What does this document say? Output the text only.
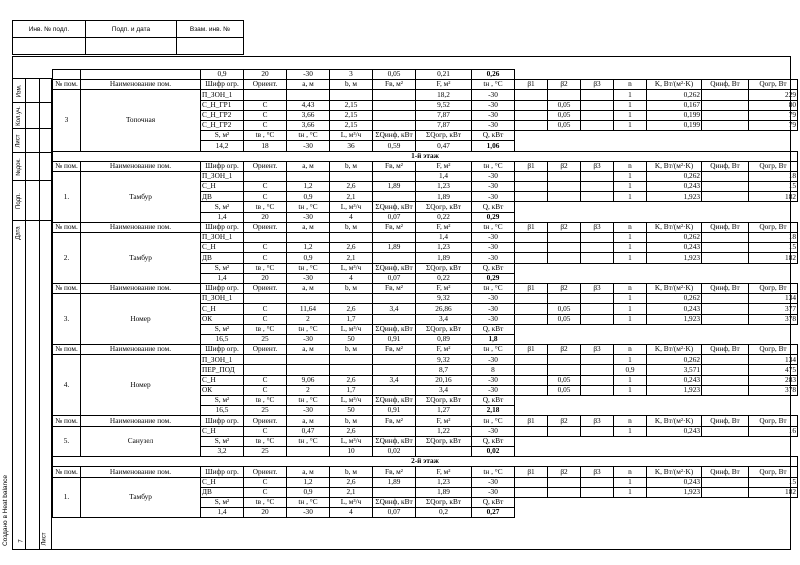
Инв. № подл.	Подп. и дата	Взам. инв. №

Изм.
Кол.уч.
Лист
№док.
Подп.
Дата
Создано в Heat balance	Лист
7
		0,9	20	-30	3	0,05	0,21	0,26							
№ пом.	Наименование пом.	Шифр огр.	Ориент.	a, м	b, м	Fв, м²	F, м²	tн , °C	β1	β2	β3	n	K, Вт/(м²·K)	Qинф, Вт	Qогр, Вт
3	Топочная	П_ЗОН_1					18,2	-30				1	0,262		229
		С_Н_ГР1	С	4,43	2,15		9,52	-30		0,05		1	0,167		80
		С_Н_ГР2	С	3,66	2,15		7,87	-30		0,05		1	0,199		79
		С_Н_ГР2	С	3,66	2,15		7,87	-30		0,05		1	0,199		79
		S, м²	tв , °C	tн , °C	L, м³/ч	ΣQинф, кВт	ΣQогр, кВт	Q, кВт							
		14,2	18	-30	36	0,59	0,47	1,06							
1-й этаж															
№ пом.	Наименование пом.	Шифр огр.	Ориент.	a, м	b, м	Fв, м²	F, м²	tн , °C	β1	β2	β3	n	K, Вт/(м²·K)	Qинф, Вт	Qогр, Вт
1.	Тамбур	П_ЗОН_1					1,4	-30				1	0,262		18
		С_Н	С	1,2	2,6	1,89	1,23	-30				1	0,243		15
		ДВ	С	0,9	2,1		1,89	-30				1	1,923		182
		S, м²	tв , °C	tн , °C	L, м³/ч	ΣQинф, кВт	ΣQогр, кВт	Q, кВт							
		1,4	20	-30	4	0,07	0,22	0,29							
№ пом.	Наименование пом.	Шифр огр.	Ориент.	a, м	b, м	Fв, м²	F, м²	tн , °C	β1	β2	β3	n	K, Вт/(м²·K)	Qинф, Вт	Qогр, Вт
2.	Тамбур	П_ЗОН_1					1,4	-30				1	0,262		18
		С_Н	С	1,2	2,6	1,89	1,23	-30				1	0,243		15
		ДВ	С	0,9	2,1		1,89	-30				1	1,923		182
		S, м²	tв , °C	tн , °C	L, м³/ч	ΣQинф, кВт	ΣQогр, кВт	Q, кВт							
		1,4	20	-30	4	0,07	0,22	0,29							
№ пом.	Наименование пом.	Шифр огр.	Ориент.	a, м	b, м	Fв, м²	F, м²	tн , °C	β1	β2	β3	n	K, Вт/(м²·K)	Qинф, Вт	Qогр, Вт
3.	Номер	П_ЗОН_1					9,32	-30				1	0,262		134
		С_Н	С	11,64	2,6	3,4	26,86	-30		0,05		1	0,243		377
		ОК	С	2	1,7		3,4	-30		0,05		1	1,923		378
		S, м²	tв , °C	tн , °C	L, м³/ч	ΣQинф, кВт	ΣQогр, кВт	Q, кВт							
		16,5	25	-30	50	0,91	0,89	1,8							
№ пом.	Наименование пом.	Шифр огр.	Ориент.	a, м	b, м	Fв, м²	F, м²	tн , °C	β1	β2	β3	n	K, Вт/(м²·K)	Qинф, Вт	Qогр, Вт
4.	Номер	П_ЗОН_1					9,32	-30				1	0,262		134
		ПЕР_ПОД					8,7	8				0,9	3,571		475
		С_Н	С	9,06	2,6	3,4	20,16	-30		0,05		1	0,243		283
		ОК	С	2	1,7		3,4	-30		0,05		1	1,923		378
		S, м²	tв , °C	tн , °C	L, м³/ч	ΣQинф, кВт	ΣQогр, кВт	Q, кВт							
		16,5	25	-30	50	0,91	1,27	2,18							
№ пом.	Наименование пом.	Шифр огр.	Ориент.	a, м	b, м	Fв, м²	F, м²	tн , °C	β1	β2	β3	n	K, Вт/(м²·K)	Qинф, Вт	Qогр, Вт
5.	Санузел	С_Н	С	0,47	2,6		1,22	-30				1	0,243		16
		S, м²	tв , °C	tн , °C	L, м³/ч	ΣQинф, кВт	ΣQогр, кВт	Q, кВт							
		3,2	25		10	0,02		0,02							
2-й этаж															
№ пом.	Наименование пом.	Шифр огр.	Ориент.	a, м	b, м	Fв, м²	F, м²	tн , °C	β1	β2	β3	n	K, Вт/(м²·K)	Qинф, Вт	Qогр, Вт
1.	Тамбур	С_Н	С	1,2	2,6	1,89	1,23	-30				1	0,243		15
		ДВ	С	0,9	2,1		1,89	-30				1	1,923		182
		S, м²	tв , °C	tн , °C	L, м³/ч	ΣQинф, кВт	ΣQогр, кВт	Q, кВт							
		1,4	20	-30	4	0,07	0,2	0,27							
